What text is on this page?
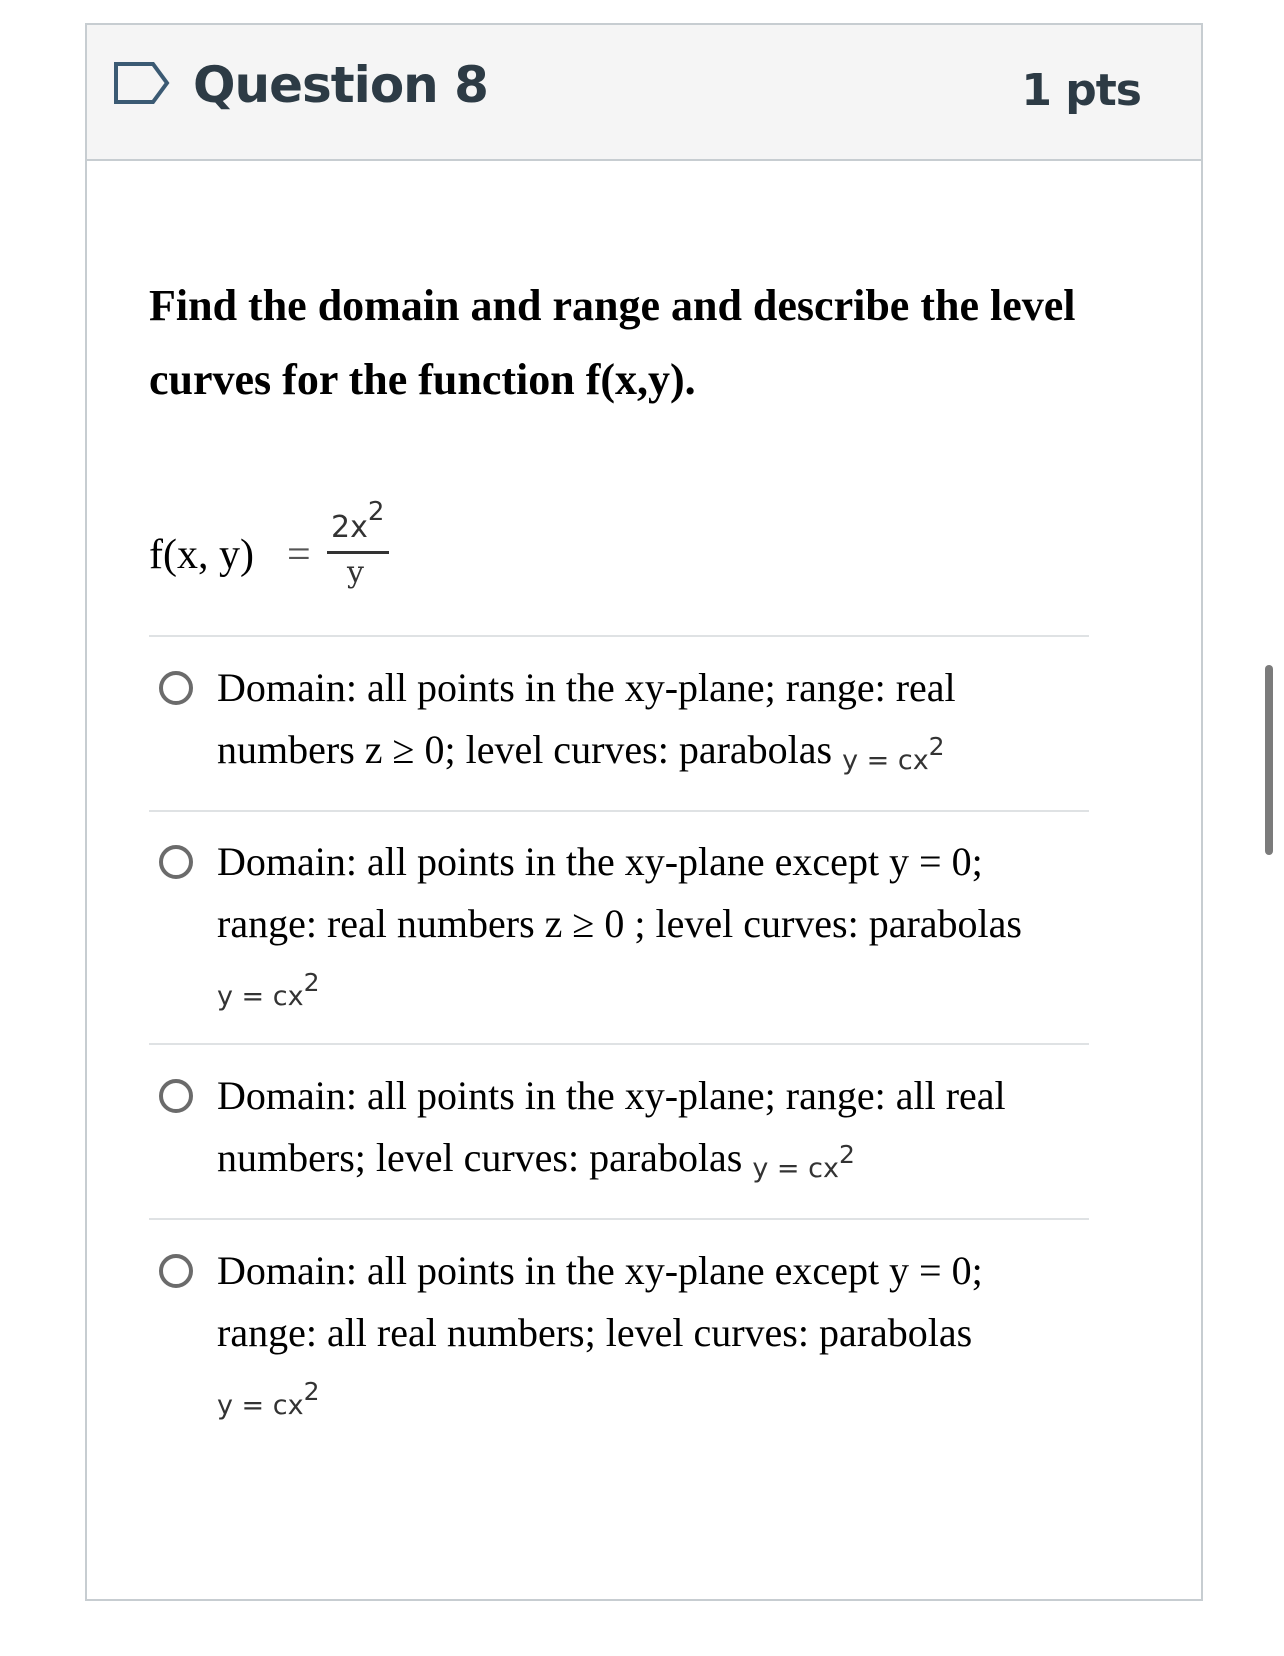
Question 8	1 pts
Find the domain and range and describe the level curves for the function f(x,y).
f(x, y) =
$2x^2$
y
Domain: all points in the xy-plane; range: real numbers z ≥ 0; level curves: parabolas $y = cx^2$
Domain: all points in the xy-plane except y = 0; range: real numbers z ≥ 0 ; level curves: parabolas $y = cx^2$
Domain: all points in the xy-plane; range: all real numbers; level curves: parabolas $y = cx^2$
Domain: all points in the xy-plane except y = 0; range: all real numbers; level curves: parabolas $y = cx^2$
